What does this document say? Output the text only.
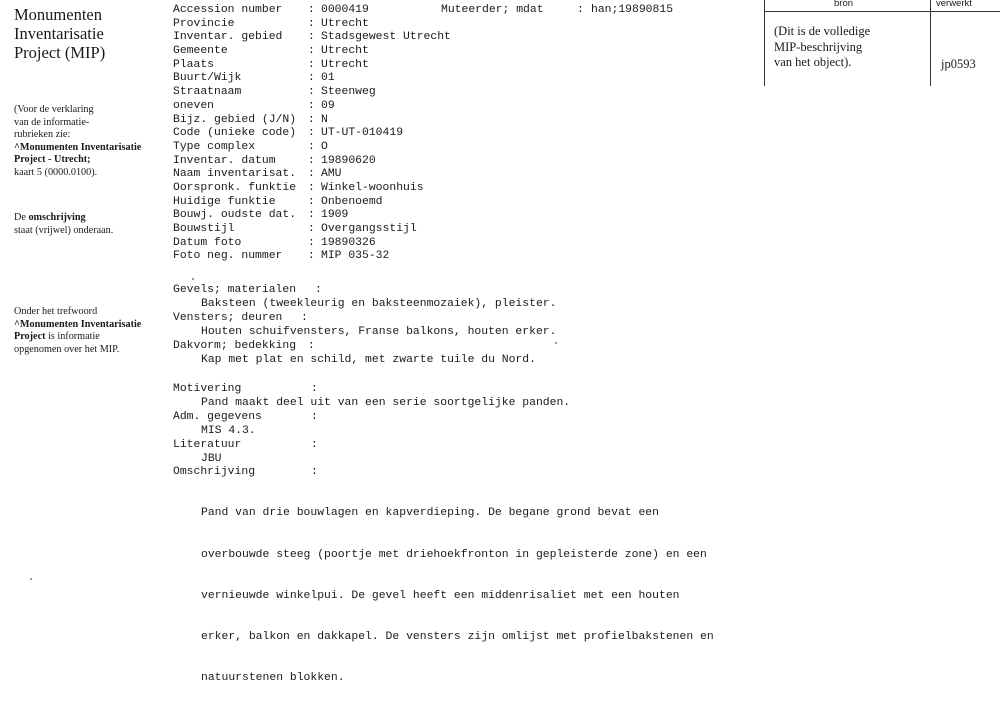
Monumenten
Inventarisatie
Project (MIP)
(Voor de verklaring
van de informatie-
rubrieken zie:
^Monumenten Inventarisatie
Project - Utrecht;
kaart 5 (0000.0100).
De omschrijving
staat (vrijwel) onderaan.
Onder het trefwoord
^Monumenten Inventarisatie
Project is informatie
opgenomen over het MIP.
Accession number : 0000419
Provincie	: Utrecht
Inventar. gebied : Stadsgewest Utrecht
Gemeente	: Utrecht
Plaats	: Utrecht
Buurt/Wijk	: 01
Straatnaam	: Steenweg
oneven	: 09
Bijz. gebied (J/N) : N
Code (unieke code) : UT-UT-010419
Type complex	: O
Inventar. datum	: 19890620
Naam inventarisat. : AMU
Oorspronk. funktie : Winkel-woonhuis
Huidige funktie	: Onbenoemd
Bouwj. oudste dat. : 1909
Bouwstijl	: Overgangsstijl
Datum foto	: 19890326
Foto neg. nummer : MIP 035-32

Muteerder; mdat

	:

han;19890815

Gevels; materialen

:

Baksteen (tweekleurig en baksteenmozaiek), pleister.

Vensters; deuren

:

Houten schuifvensters, Franse balkons, houten erker.

Dakvorm; bedekking

:

Kap met plat en schild, met zwarte tuile du Nord.

Motivering

	:

Pand maakt deel uit van een serie soortgelijke panden.

Adm. gegevens

	:

MIS 4.3.

Literatuur

	:

JBU

Omschrijving

	:

Pand van drie bouwlagen en kapverdieping. De begane grond bevat een

overbouwde steeg (poortje met driehoekfronton in gepleisterde zone) en een

vernieuwde winkelpui. De gevel heeft een middenrisaliet met een houten

erker, balkon en dakkapel. De vensters zijn omlijst met profielbakstenen en

natuurstenen blokken.

bron	verwerkt
(Dit is de volledige
MIP-beschrijving
van het object).	jp0593
